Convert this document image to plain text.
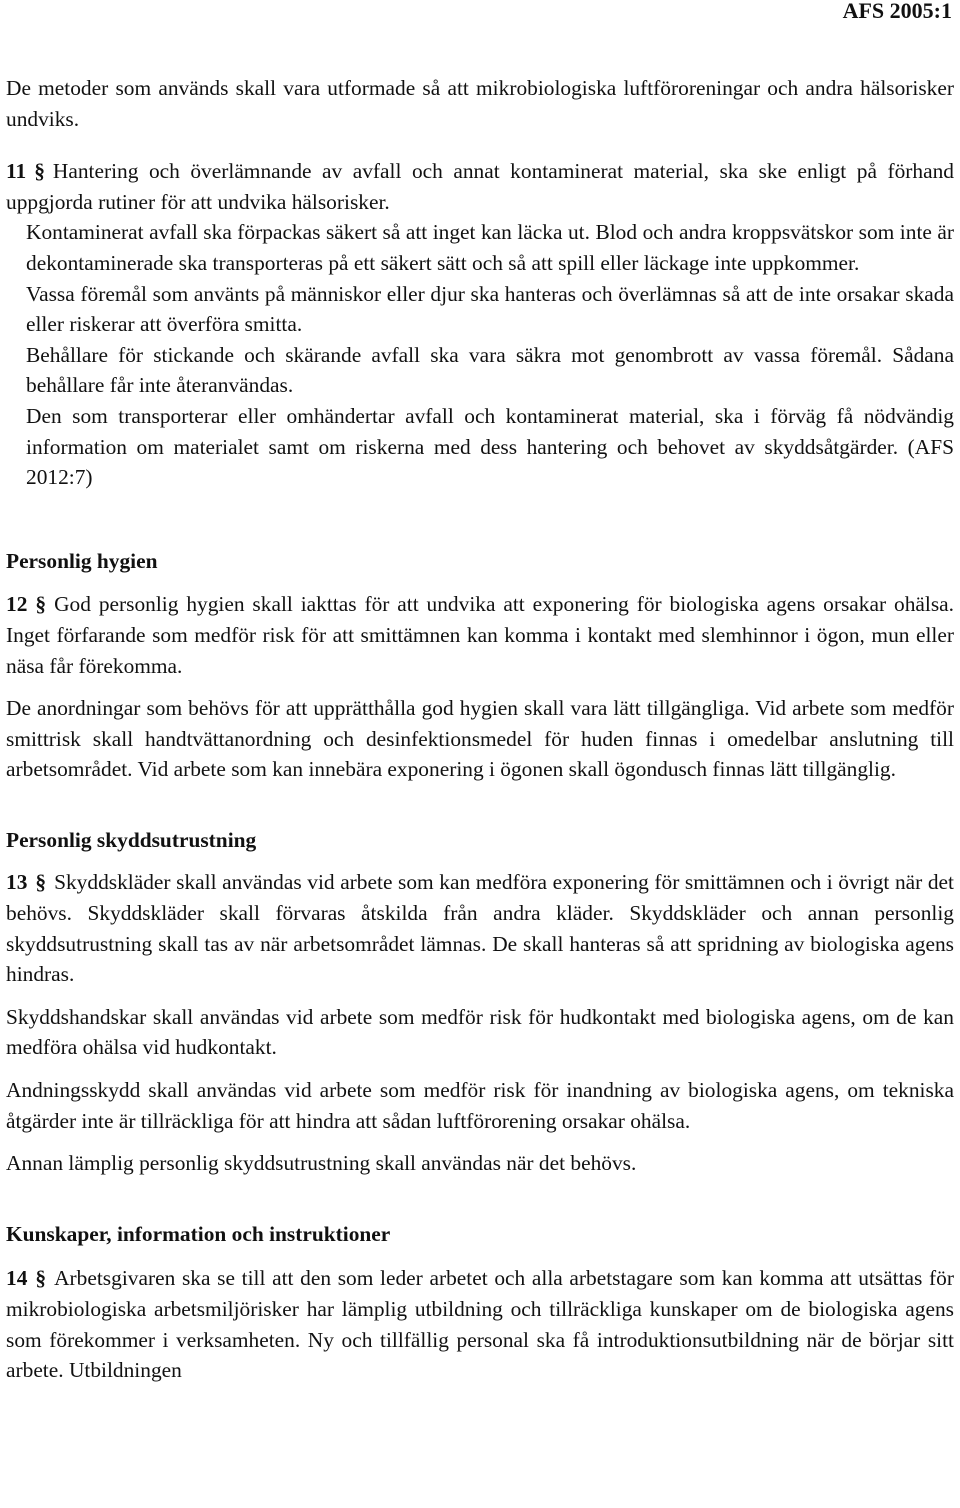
AFS 2005:1

De metoder som används skall vara utformade så att mikrobiologiska luftföroreningar och andra hälsorisker undviks.

11 § Hantering och överlämnande av avfall och annat kontaminerat material, ska ske enligt på förhand uppgjorda rutiner för att undvika hälsorisker.

Kontaminerat avfall ska förpackas säkert så att inget kan läcka ut. Blod och andra kroppsvätskor som inte är dekontaminerade ska transporteras på ett säkert sätt och så att spill eller läckage inte uppkommer.

Vassa föremål som använts på människor eller djur ska hanteras och överlämnas så att de inte orsakar skada eller riskerar att överföra smitta.

Behållare för stickande och skärande avfall ska vara säkra mot genombrott av vassa föremål. Sådana behållare får inte återanvändas.

Den som transporterar eller omhändertar avfall och kontaminerat material, ska i förväg få nödvändig information om materialet samt om riskerna med dess hantering och behovet av skyddsåtgärder. (AFS 2012:7)

Personlig hygien

12 § God personlig hygien skall iakttas för att undvika att exponering för biologiska agens orsakar ohälsa. Inget förfarande som medför risk för att smittämnen kan komma i kontakt med slemhinnor i ögon, mun eller näsa får förekomma.

De anordningar som behövs för att upprätthålla god hygien skall vara lätt tillgängliga. Vid arbete som medför smittrisk skall handtvättanordning och desinfektionsmedel för huden finnas i omedelbar anslutning till arbetsområdet. Vid arbete som kan innebära exponering i ögonen skall ögondusch finnas lätt tillgänglig.

Personlig skyddsutrustning

13 § Skyddskläder skall användas vid arbete som kan medföra exponering för smittämnen och i övrigt när det behövs. Skyddskläder skall förvaras åtskilda från andra kläder. Skyddskläder och annan personlig skyddsutrustning skall tas av när arbetsområdet lämnas. De skall hanteras så att spridning av biologiska agens hindras.

Skyddshandskar skall användas vid arbete som medför risk för hudkontakt med biologiska agens, om de kan medföra ohälsa vid hudkontakt.

Andningsskydd skall användas vid arbete som medför risk för inandning av biologiska agens, om tekniska åtgärder inte är tillräckliga för att hindra att sådan luftförorening orsakar ohälsa.

Annan lämplig personlig skyddsutrustning skall användas när det behövs.

Kunskaper, information och instruktioner

14 § Arbetsgivaren ska se till att den som leder arbetet och alla arbetstagare som kan komma att utsättas för mikrobiologiska arbetsmiljörisker har lämplig utbildning och tillräckliga kunskaper om de biologiska agens som förekommer i verksamheten. Ny och tillfällig personal ska få introduktionsutbildning när de börjar sitt arbete. Utbildningen
